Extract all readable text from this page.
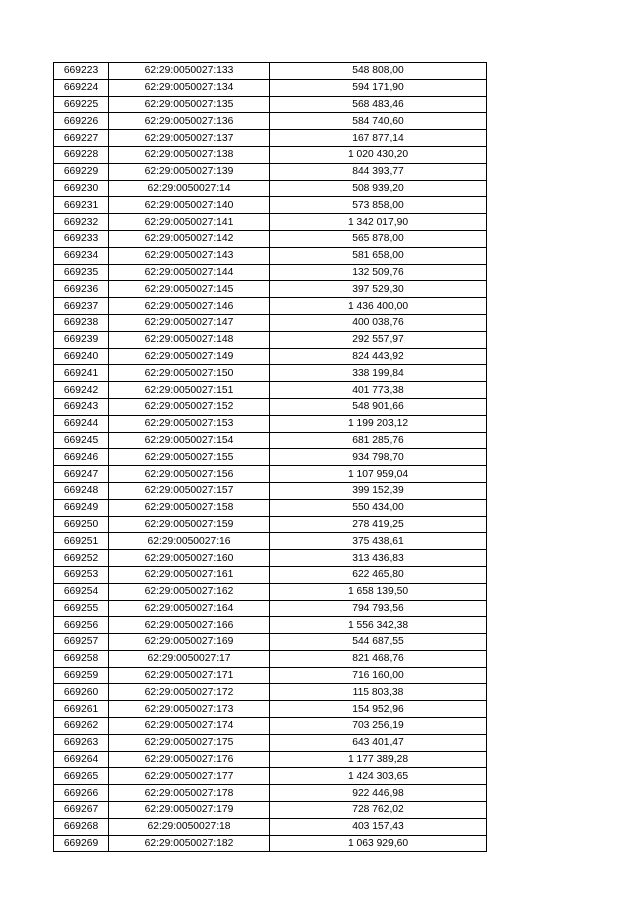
669223	62:29:0050027:133	548 808,00
669224	62:29:0050027:134	594 171,90
669225	62:29:0050027:135	568 483,46
669226	62:29:0050027:136	584 740,60
669227	62:29:0050027:137	167 877,14
669228	62:29:0050027:138	1 020 430,20
669229	62:29:0050027:139	844 393,77
669230	62:29:0050027:14	508 939,20
669231	62:29:0050027:140	573 858,00
669232	62:29:0050027:141	1 342 017,90
669233	62:29:0050027:142	565 878,00
669234	62:29:0050027:143	581 658,00
669235	62:29:0050027:144	132 509,76
669236	62:29:0050027:145	397 529,30
669237	62:29:0050027:146	1 436 400,00
669238	62:29:0050027:147	400 038,76
669239	62:29:0050027:148	292 557,97
669240	62:29:0050027:149	824 443,92
669241	62:29:0050027:150	338 199,84
669242	62:29:0050027:151	401 773,38
669243	62:29:0050027:152	548 901,66
669244	62:29:0050027:153	1 199 203,12
669245	62:29:0050027:154	681 285,76
669246	62:29:0050027:155	934 798,70
669247	62:29:0050027:156	1 107 959,04
669248	62:29:0050027:157	399 152,39
669249	62:29:0050027:158	550 434,00
669250	62:29:0050027:159	278 419,25
669251	62:29:0050027:16	375 438,61
669252	62:29:0050027:160	313 436,83
669253	62:29:0050027:161	622 465,80
669254	62:29:0050027:162	1 658 139,50
669255	62:29:0050027:164	794 793,56
669256	62:29:0050027:166	1 556 342,38
669257	62:29:0050027:169	544 687,55
669258	62:29:0050027:17	821 468,76
669259	62:29:0050027:171	716 160,00
669260	62:29:0050027:172	115 803,38
669261	62:29:0050027:173	154 952,96
669262	62:29:0050027:174	703 256,19
669263	62:29:0050027:175	643 401,47
669264	62:29:0050027:176	1 177 389,28
669265	62:29:0050027:177	1 424 303,65
669266	62:29:0050027:178	922 446,98
669267	62:29:0050027:179	728 762,02
669268	62:29:0050027:18	403 157,43
669269	62:29:0050027:182	1 063 929,60
